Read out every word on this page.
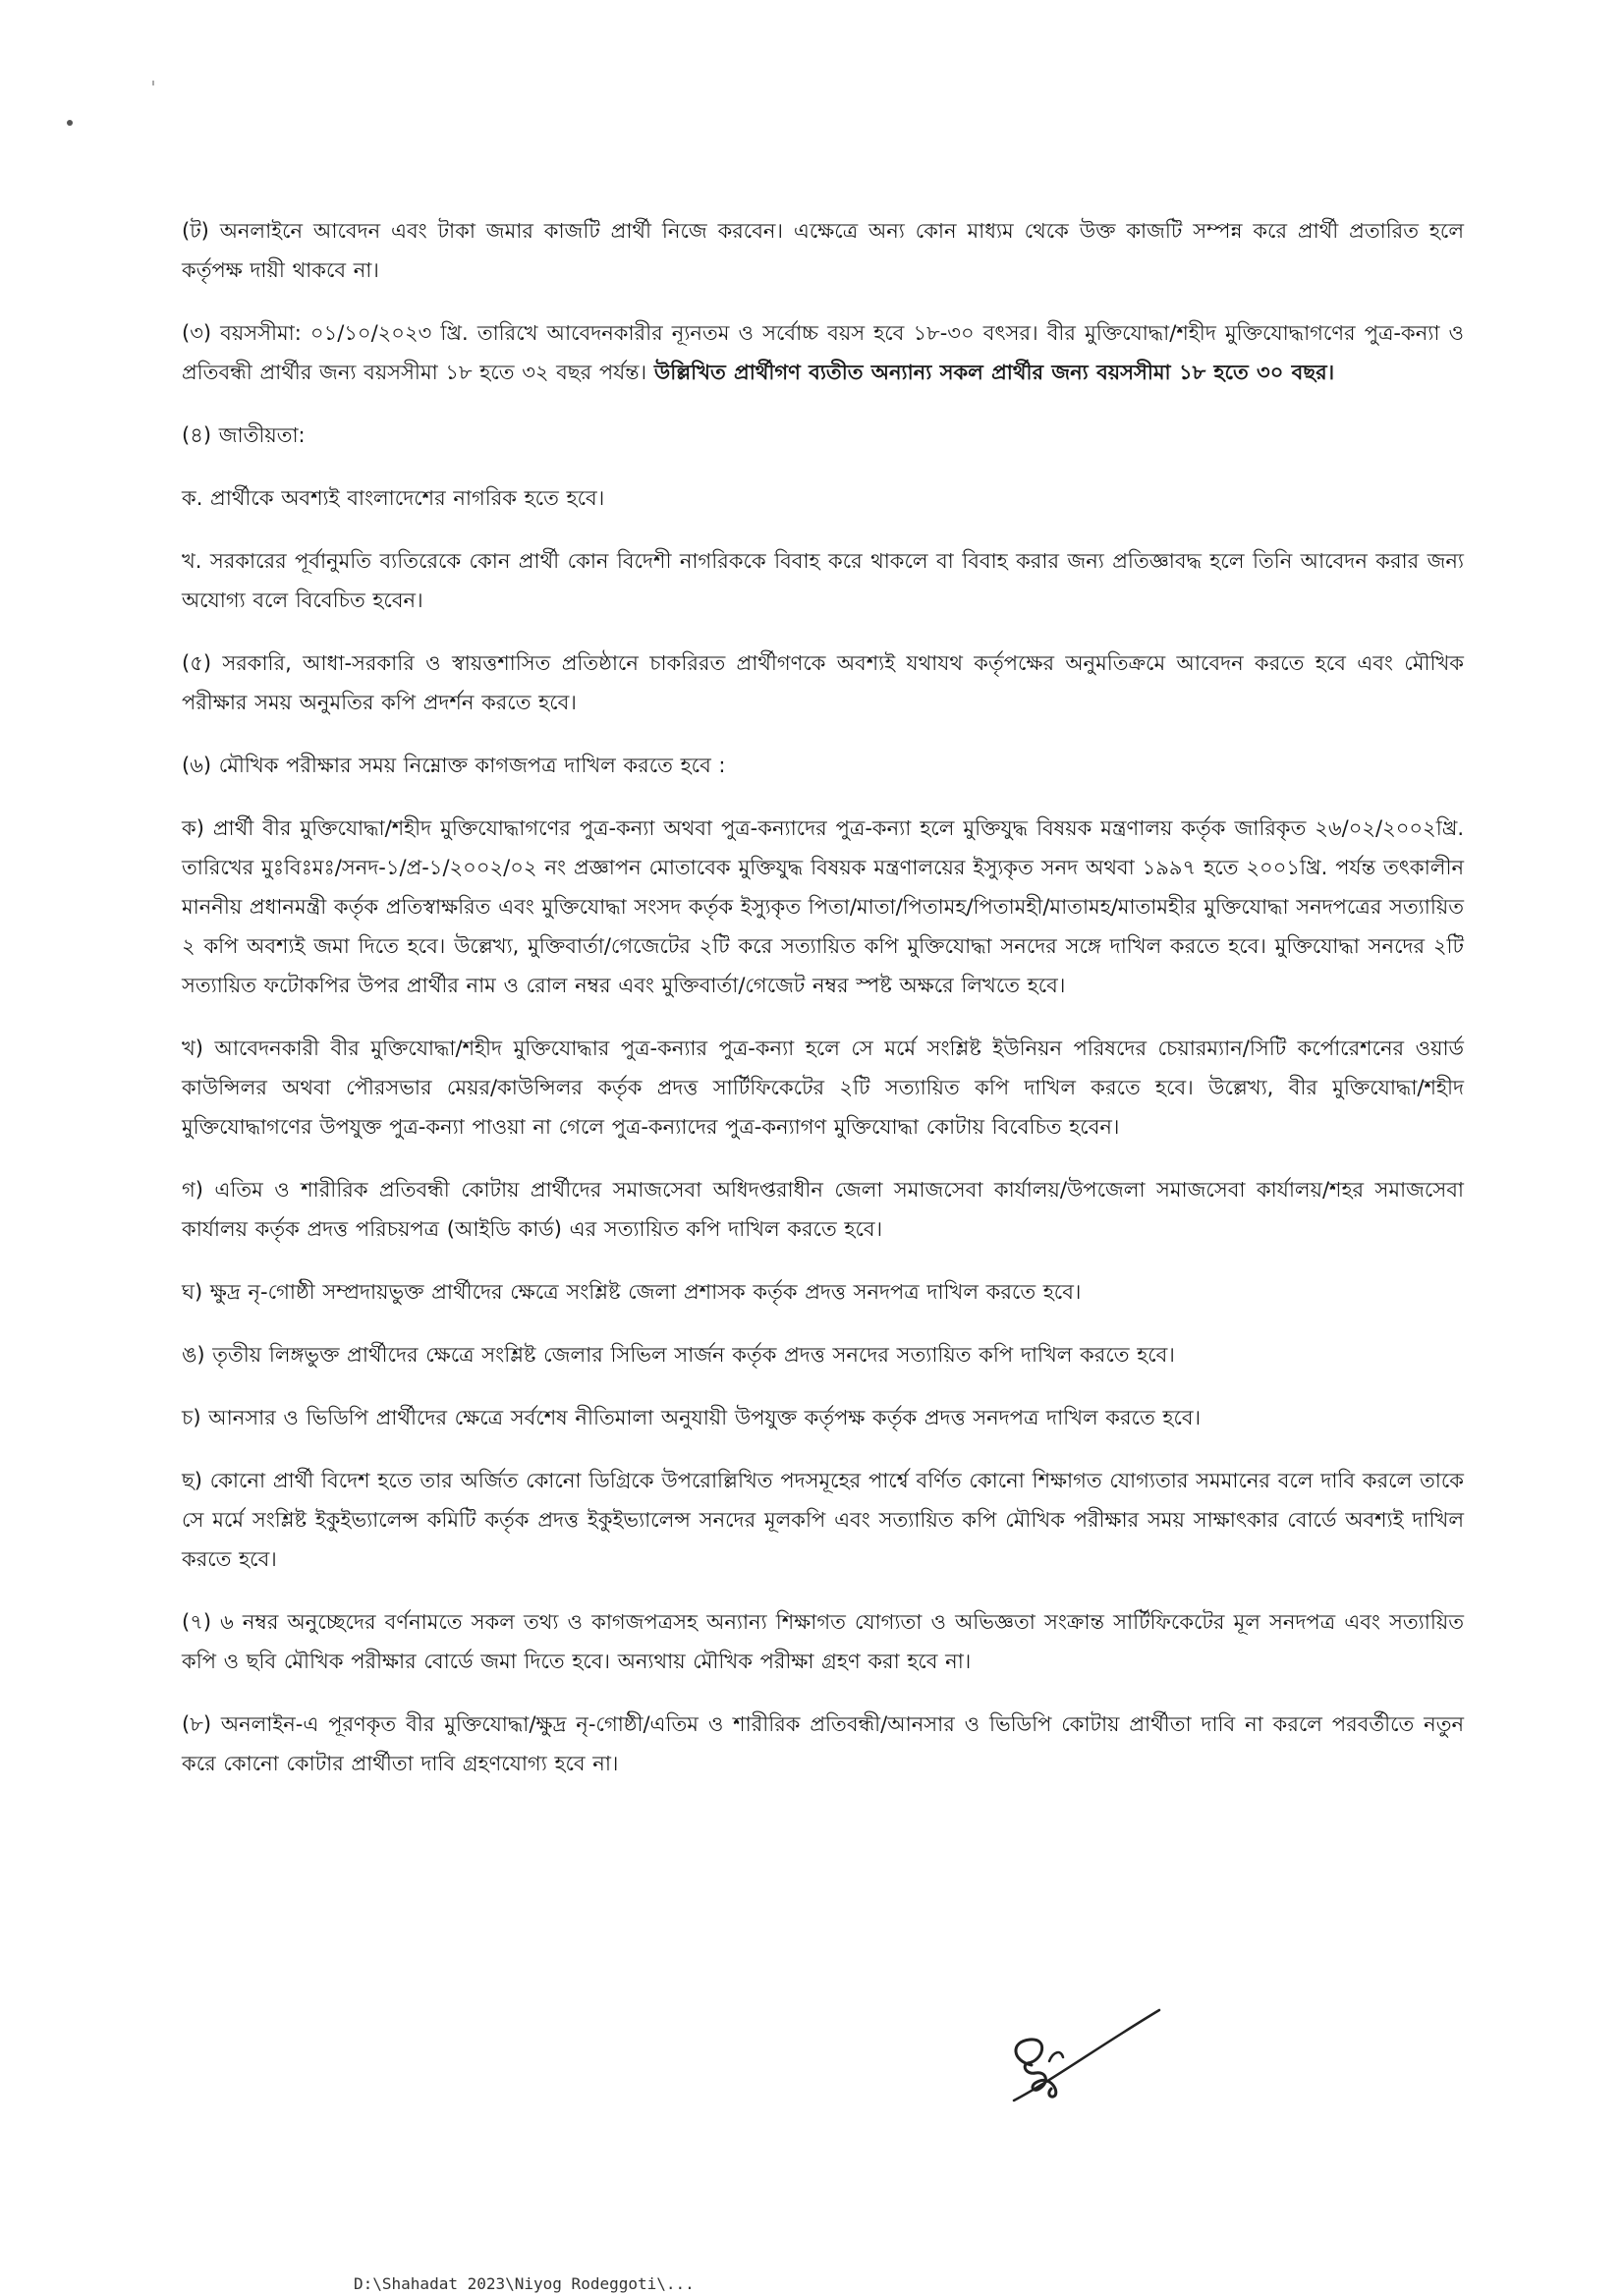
(ট) অনলাইনে আবেদন এবং টাকা জমার কাজটি প্রার্থী নিজে করবেন। এক্ষেত্রে অন্য কোন মাধ্যম থেকে উক্ত কাজটি সম্পন্ন করে প্রার্থী প্রতারিত হলে কর্তৃপক্ষ দায়ী থাকবে না।

(৩) বয়সসীমা: ০১/১০/২০২৩ খ্রি. তারিখে আবেদনকারীর ন্যূনতম ও সর্বোচ্চ বয়স হবে ১৮-৩০ বৎসর। বীর মুক্তিযোদ্ধা/শহীদ মুক্তিযোদ্ধাগণের পুত্র-কন্যা ও প্রতিবন্ধী প্রার্থীর জন্য বয়সসীমা ১৮ হতে ৩২ বছর পর্যন্ত। উল্লিখিত প্রার্থীগণ ব্যতীত অন্যান্য সকল প্রার্থীর জন্য বয়সসীমা ১৮ হতে ৩০ বছর।

(৪) জাতীয়তা:

ক. প্রার্থীকে অবশ্যই বাংলাদেশের নাগরিক হতে হবে।

খ. সরকারের পূর্বানুমতি ব্যতিরেকে কোন প্রার্থী কোন বিদেশী নাগরিককে বিবাহ করে থাকলে বা বিবাহ করার জন্য প্রতিজ্ঞাবদ্ধ হলে তিনি আবেদন করার জন্য অযোগ্য বলে বিবেচিত হবেন।

(৫) সরকারি, আধা-সরকারি ও স্বায়ত্তশাসিত প্রতিষ্ঠানে চাকরিরত প্রার্থীগণকে অবশ্যই যথাযথ কর্তৃপক্ষের অনুমতিক্রমে আবেদন করতে হবে এবং মৌখিক পরীক্ষার সময় অনুমতির কপি প্রদর্শন করতে হবে।

(৬) মৌখিক পরীক্ষার সময় নিম্নোক্ত কাগজপত্র দাখিল করতে হবে :

ক) প্রার্থী বীর মুক্তিযোদ্ধা/শহীদ মুক্তিযোদ্ধাগণের পুত্র-কন্যা অথবা পুত্র-কন্যাদের পুত্র-কন্যা হলে মুক্তিযুদ্ধ বিষয়ক মন্ত্রণালয় কর্তৃক জারিকৃত ২৬/০২/২০০২খ্রি. তারিখের মুঃবিঃমঃ/সনদ-১/প্র-১/২০০২/০২ নং প্রজ্ঞাপন মোতাবেক মুক্তিযুদ্ধ বিষয়ক মন্ত্রণালয়ের ইস্যুকৃত সনদ অথবা ১৯৯৭ হতে ২০০১খ্রি. পর্যন্ত তৎকালীন মাননীয় প্রধানমন্ত্রী কর্তৃক প্রতিস্বাক্ষরিত এবং মুক্তিযোদ্ধা সংসদ কর্তৃক ইস্যুকৃত পিতা/মাতা/পিতামহ/পিতামহী/মাতামহ/মাতামহীর মুক্তিযোদ্ধা সনদপত্রের সত্যায়িত ২ কপি অবশ্যই জমা দিতে হবে। উল্লেখ্য, মুক্তিবার্তা/গেজেটের ২টি করে সত্যায়িত কপি মুক্তিযোদ্ধা সনদের সঙ্গে দাখিল করতে হবে। মুক্তিযোদ্ধা সনদের ২টি সত্যায়িত ফটোকপির উপর প্রার্থীর নাম ও রোল নম্বর এবং মুক্তিবার্তা/গেজেট নম্বর স্পষ্ট অক্ষরে লিখতে হবে।

খ) আবেদনকারী বীর মুক্তিযোদ্ধা/শহীদ মুক্তিযোদ্ধার পুত্র-কন্যার পুত্র-কন্যা হলে সে মর্মে সংশ্লিষ্ট ইউনিয়ন পরিষদের চেয়ারম্যান/সিটি কর্পোরেশনের ওয়ার্ড কাউন্সিলর অথবা পৌরসভার মেয়র/কাউন্সিলর কর্তৃক প্রদত্ত সার্টিফিকেটের ২টি সত্যায়িত কপি দাখিল করতে হবে। উল্লেখ্য, বীর মুক্তিযোদ্ধা/শহীদ মুক্তিযোদ্ধাগণের উপযুক্ত পুত্র-কন্যা পাওয়া না গেলে পুত্র-কন্যাদের পুত্র-কন্যাগণ মুক্তিযোদ্ধা কোটায় বিবেচিত হবেন।

গ) এতিম ও শারীরিক প্রতিবন্ধী কোটায় প্রার্থীদের সমাজসেবা অধিদপ্তরাধীন জেলা সমাজসেবা কার্যালয়/উপজেলা সমাজসেবা কার্যালয়/শহর সমাজসেবা কার্যালয় কর্তৃক প্রদত্ত পরিচয়পত্র (আইডি কার্ড) এর সত্যায়িত কপি দাখিল করতে হবে।

ঘ) ক্ষুদ্র নৃ-গোষ্ঠী সম্প্রদায়ভুক্ত প্রার্থীদের ক্ষেত্রে সংশ্লিষ্ট জেলা প্রশাসক কর্তৃক প্রদত্ত সনদপত্র দাখিল করতে হবে।

ঙ) তৃতীয় লিঙ্গভুক্ত প্রার্থীদের ক্ষেত্রে সংশ্লিষ্ট জেলার সিভিল সার্জন কর্তৃক প্রদত্ত সনদের সত্যায়িত কপি দাখিল করতে হবে।

চ) আনসার ও ভিডিপি প্রার্থীদের ক্ষেত্রে সর্বশেষ নীতিমালা অনুযায়ী উপযুক্ত কর্তৃপক্ষ কর্তৃক প্রদত্ত সনদপত্র দাখিল করতে হবে।

ছ) কোনো প্রার্থী বিদেশ হতে তার অর্জিত কোনো ডিগ্রিকে উপরোল্লিখিত পদসমূহের পার্শ্বে বর্ণিত কোনো শিক্ষাগত যোগ্যতার সমমানের বলে দাবি করলে তাকে সে মর্মে সংশ্লিষ্ট ইকুইভ্যালেন্স কমিটি কর্তৃক প্রদত্ত ইকুইভ্যালেন্স সনদের মূলকপি এবং সত্যায়িত কপি মৌখিক পরীক্ষার সময় সাক্ষাৎকার বোর্ডে অবশ্যই দাখিল করতে হবে।

(৭) ৬ নম্বর অনুচ্ছেদের বর্ণনামতে সকল তথ্য ও কাগজপত্রসহ অন্যান্য শিক্ষাগত যোগ্যতা ও অভিজ্ঞতা সংক্রান্ত সার্টিফিকেটের মূল সনদপত্র এবং সত্যায়িত কপি ও ছবি মৌখিক পরীক্ষার বোর্ডে জমা দিতে হবে। অন্যথায় মৌখিক পরীক্ষা গ্রহণ করা হবে না।

(৮) অনলাইন-এ পূরণকৃত বীর মুক্তিযোদ্ধা/ক্ষুদ্র নৃ-গোষ্ঠী/এতিম ও শারীরিক প্রতিবন্ধী/আনসার ও ভিডিপি কোটায় প্রার্থীতা দাবি না করলে পরবর্তীতে নতুন করে কোনো কোটার প্রার্থীতা দাবি গ্রহণযোগ্য হবে না।

D:\Shahadat 2023\Niyog Rodeggoti\...
